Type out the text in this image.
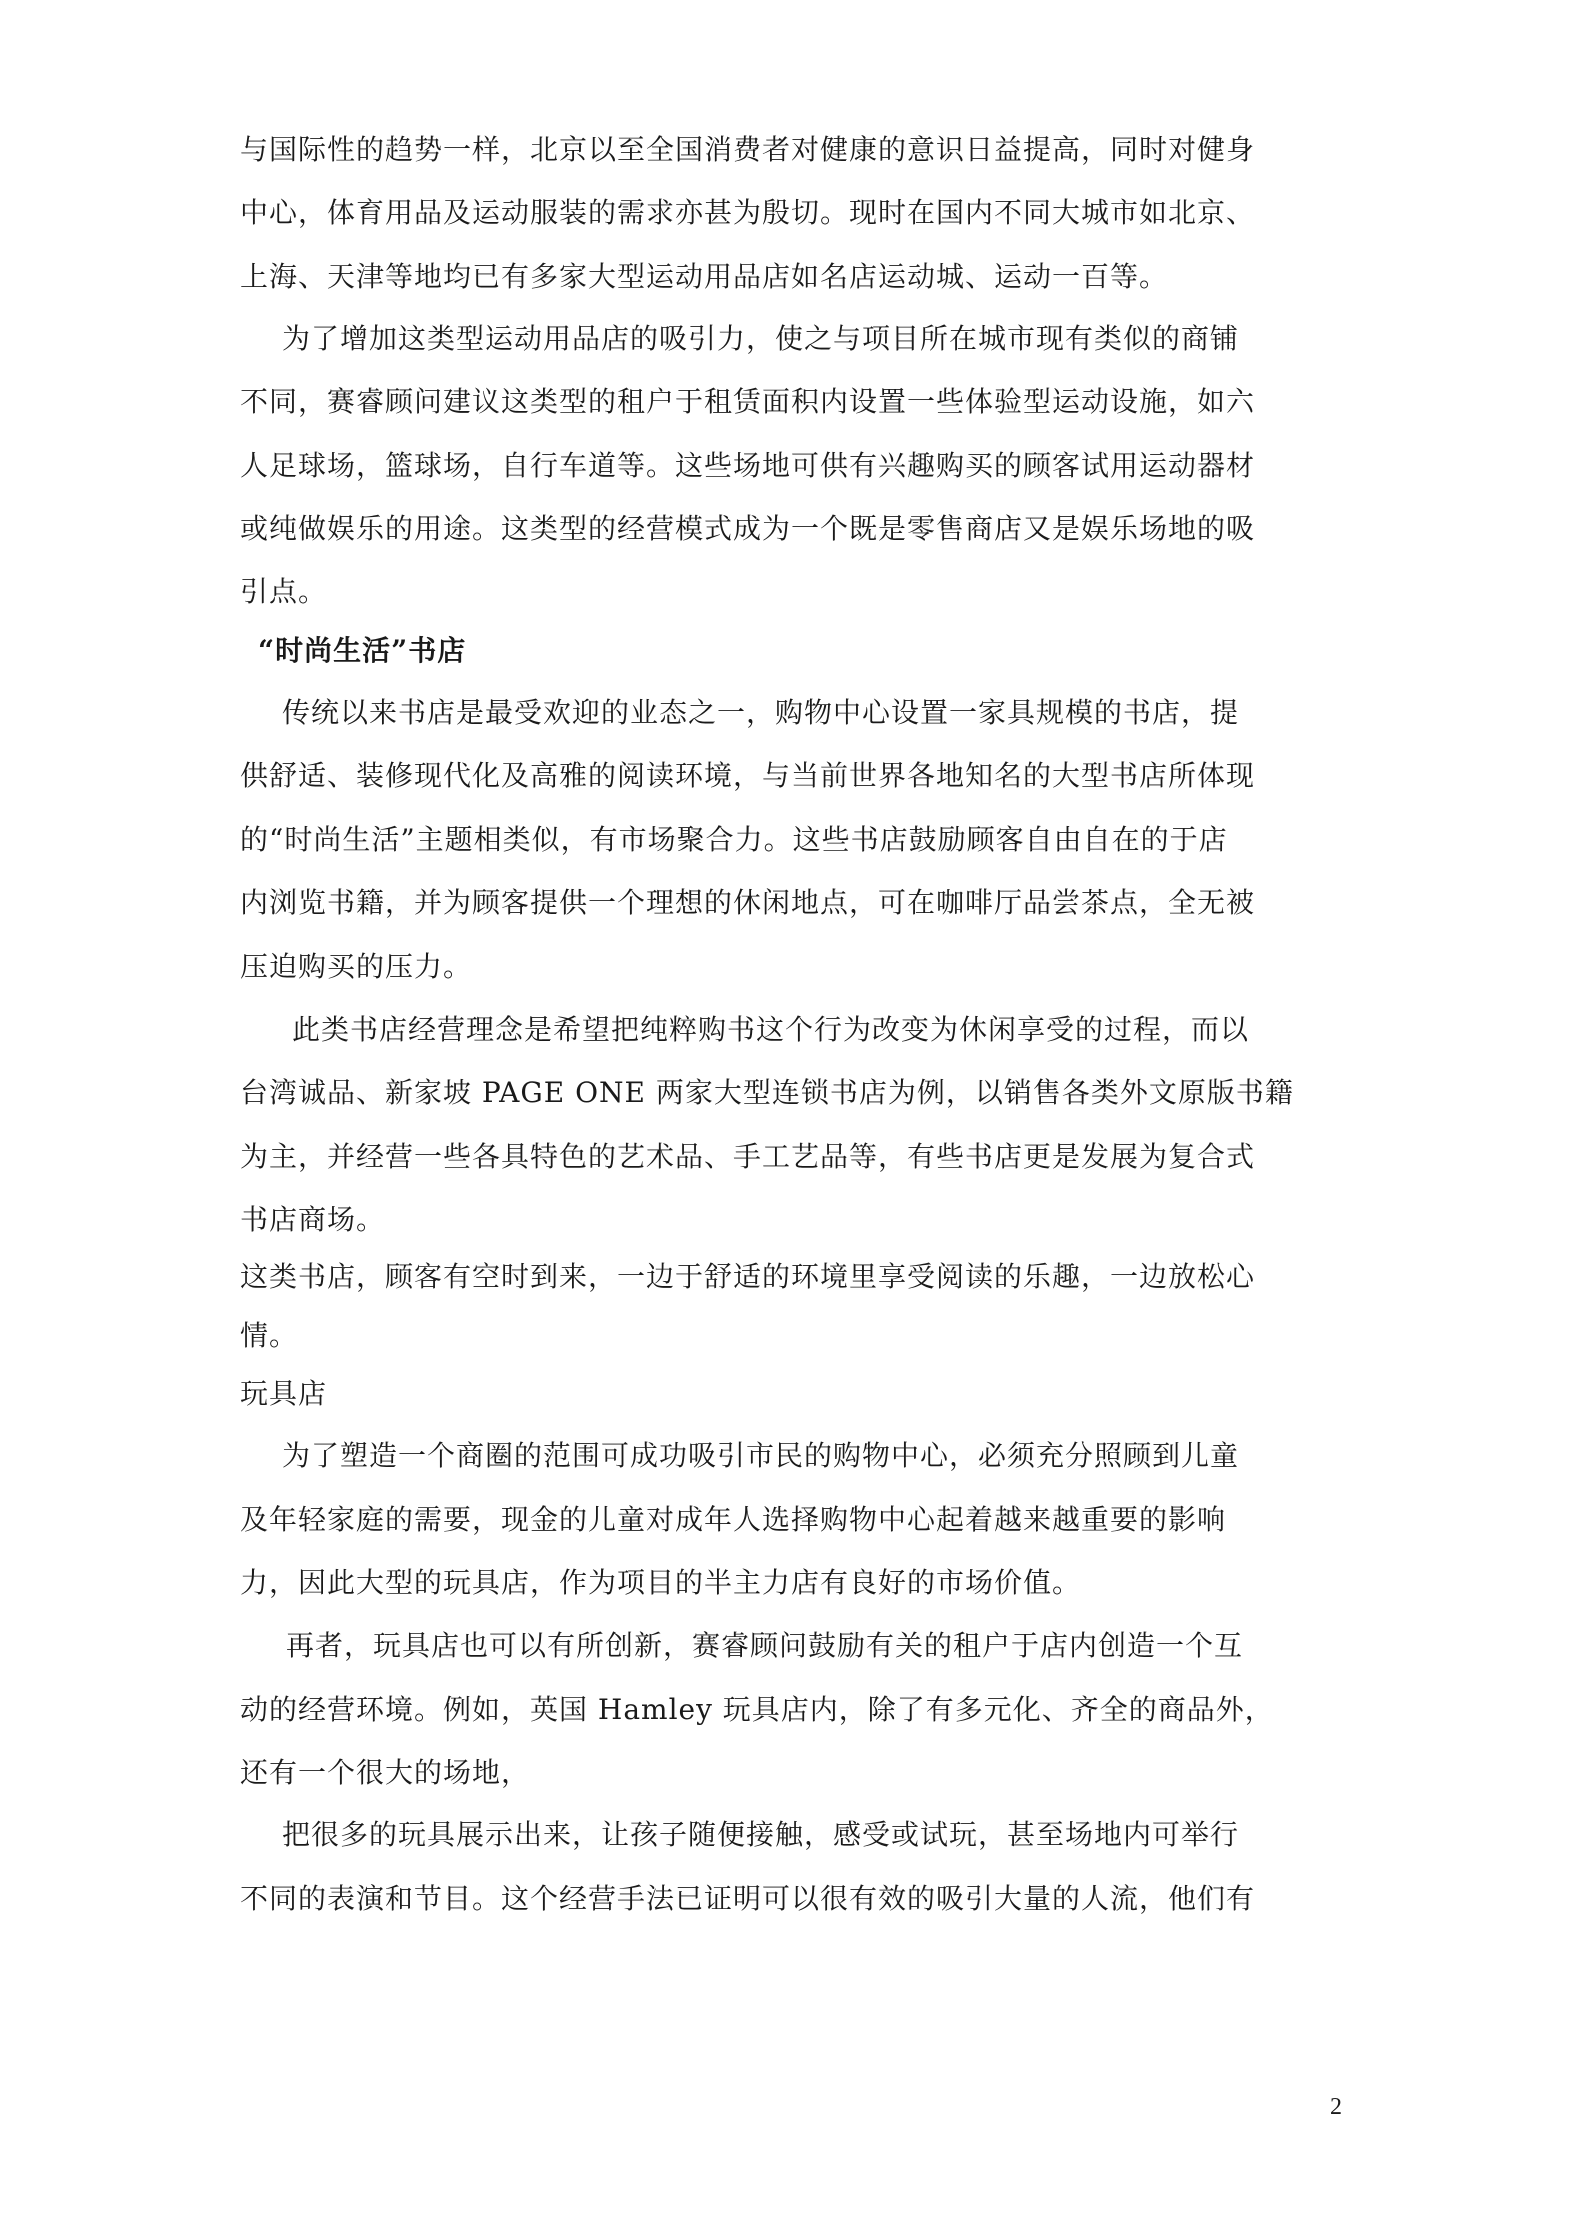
与国际性的趋势一样，北京以至全国消费者对健康的意识日益提高，同时对健身
中心，体育用品及运动服装的需求亦甚为殷切。现时在国内不同大城市如北京、
上海、天津等地均已有多家大型运动用品店如名店运动城、运动一百等。
为了增加这类型运动用品店的吸引力，使之与项目所在城市现有类似的商铺
不同，赛睿顾问建议这类型的租户于租赁面积内设置一些体验型运动设施，如六
人足球场，篮球场，自行车道等。这些场地可供有兴趣购买的顾客试用运动器材
或纯做娱乐的用途。这类型的经营模式成为一个既是零售商店又是娱乐场地的吸
引点。
“时尚生活”书店
传统以来书店是最受欢迎的业态之一，购物中心设置一家具规模的书店，提
供舒适、装修现代化及高雅的阅读环境，与当前世界各地知名的大型书店所体现
的“时尚生活”主题相类似，有市场聚合力。这些书店鼓励顾客自由自在的于店
内浏览书籍，并为顾客提供一个理想的休闲地点，可在咖啡厅品尝茶点，全无被
压迫购买的压力。
此类书店经营理念是希望把纯粹购书这个行为改变为休闲享受的过程，而以
台湾诚品、新家坡 PAGE ONE 两家大型连锁书店为例，以销售各类外文原版书籍
为主，并经营一些各具特色的艺术品、手工艺品等，有些书店更是发展为复合式
书店商场。
这类书店，顾客有空时到来，一边于舒适的环境里享受阅读的乐趣，一边放松心
情。
玩具店
为了塑造一个商圈的范围可成功吸引市民的购物中心，必须充分照顾到儿童
及年轻家庭的需要，现金的儿童对成年人选择购物中心起着越来越重要的影响
力，因此大型的玩具店，作为项目的半主力店有良好的市场价值。
再者，玩具店也可以有所创新，赛睿顾问鼓励有关的租户于店内创造一个互
动的经营环境。例如，英国 Hamley 玩具店内，除了有多元化、齐全的商品外，
还有一个很大的场地，
把很多的玩具展示出来，让孩子随便接触，感受或试玩，甚至场地内可举行
不同的表演和节目。这个经营手法已证明可以很有效的吸引大量的人流，他们有
2
